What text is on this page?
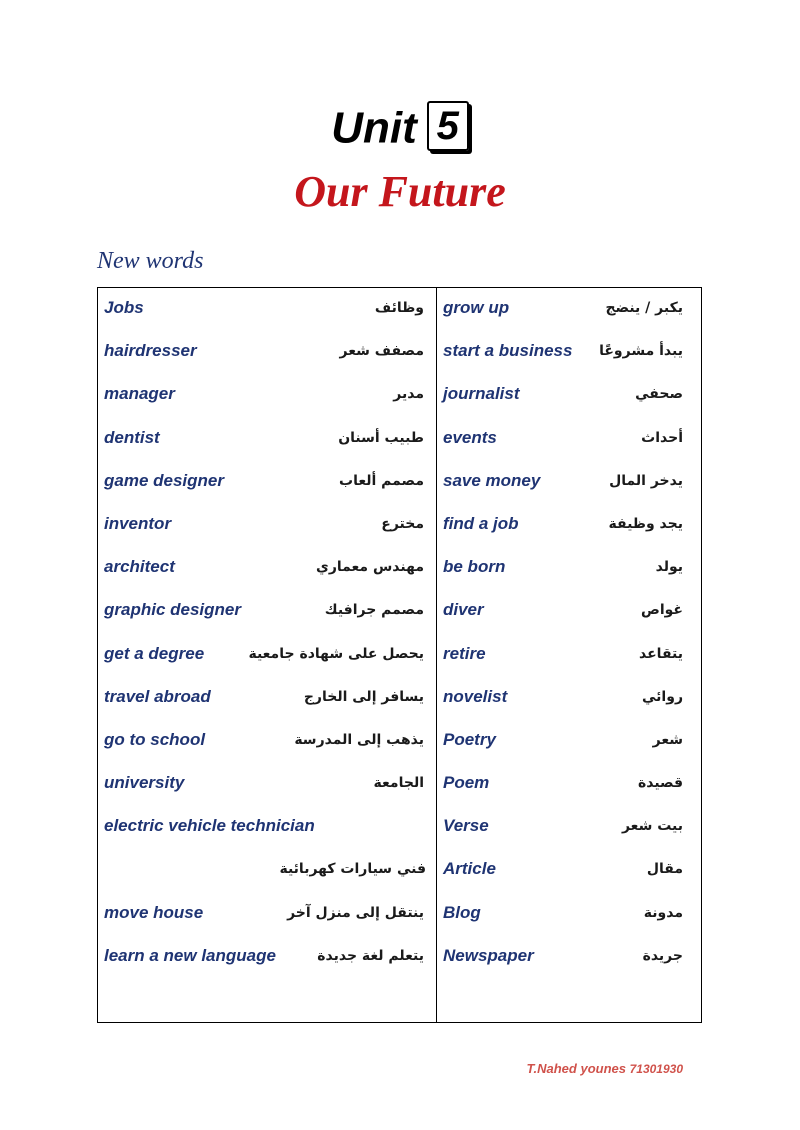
Unit 5
Our Future
New words
Jobs	وظائف
hairdresser	مصفف شعر
manager	مدير
dentist	طبيب أسنان
game designer	مصمم ألعاب
inventor	مخترع
architect	مهندس معماري
graphic designer	مصمم جرافيك
get a degree	يحصل على شهادة جامعية
travel abroad	يسافر إلى الخارج
go to school	يذهب إلى المدرسة
university	الجامعة
electric vehicle technician
فني سيارات كهربائية
move house	ينتقل إلى منزل آخر
learn a new language	يتعلم لغة جديدة
grow up	يكبر / ينضج
start a business يبدأ مشروعًا
journalist	صحفي
events	أحداث
save money	يدخر المال
find a job	يجد وظيفة
be born	يولد
diver	غواص
retire	يتقاعد
novelist	روائي
Poetry	شعر
Poem	قصيدة
Verse	بيت شعر
Article	مقال
Blog	مدونة
Newspaper	جريدة
T.Nahed younes 71301930
